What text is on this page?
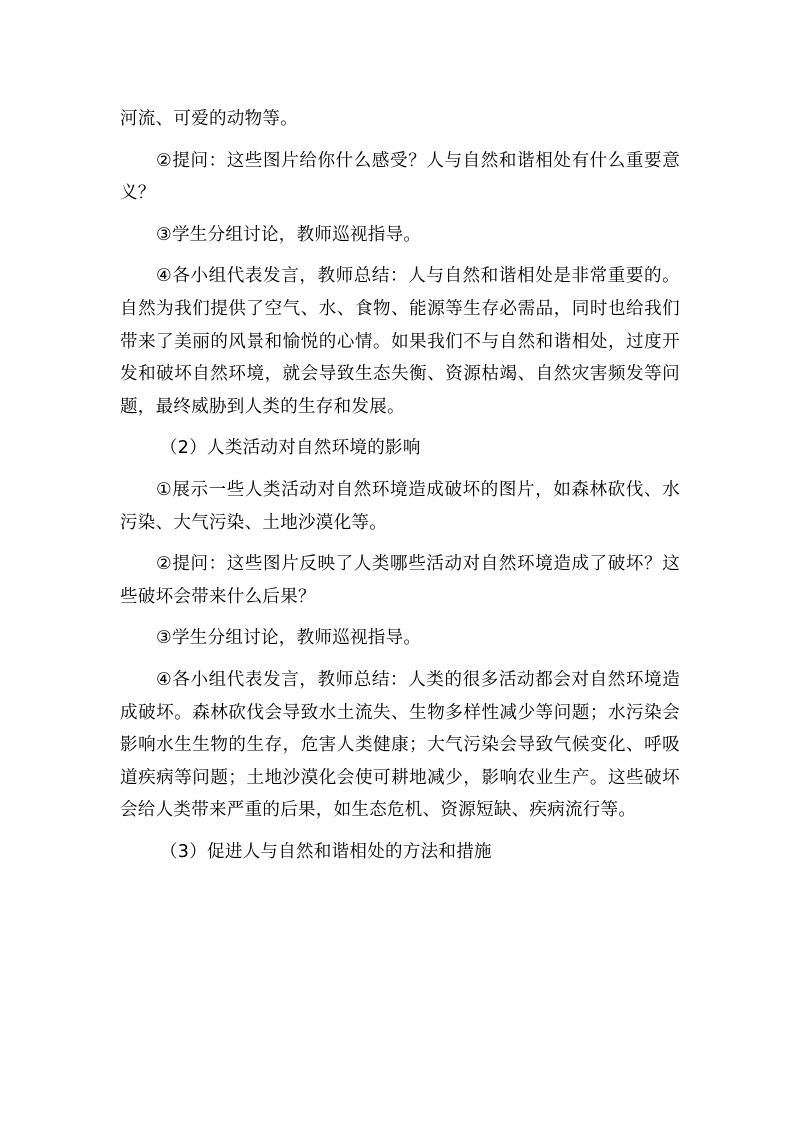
河流、可爱的动物等。

②提问：这些图片给你什么感受？人与自然和谐相处有什么重要意义？

③学生分组讨论，教师巡视指导。

④各小组代表发言，教师总结：人与自然和谐相处是非常重要的。自然为我们提供了空气、水、食物、能源等生存必需品，同时也给我们带来了美丽的风景和愉悦的心情。如果我们不与自然和谐相处，过度开发和破坏自然环境，就会导致生态失衡、资源枯竭、自然灾害频发等问题，最终威胁到人类的生存和发展。

（2）人类活动对自然环境的影响

①展示一些人类活动对自然环境造成破坏的图片，如森林砍伐、水污染、大气污染、土地沙漠化等。

②提问：这些图片反映了人类哪些活动对自然环境造成了破坏？这些破坏会带来什么后果？

③学生分组讨论，教师巡视指导。

④各小组代表发言，教师总结：人类的很多活动都会对自然环境造成破坏。森林砍伐会导致水土流失、生物多样性减少等问题；水污染会影响水生生物的生存，危害人类健康；大气污染会导致气候变化、呼吸道疾病等问题；土地沙漠化会使可耕地减少，影响农业生产。这些破坏会给人类带来严重的后果，如生态危机、资源短缺、疾病流行等。

（3）促进人与自然和谐相处的方法和措施
